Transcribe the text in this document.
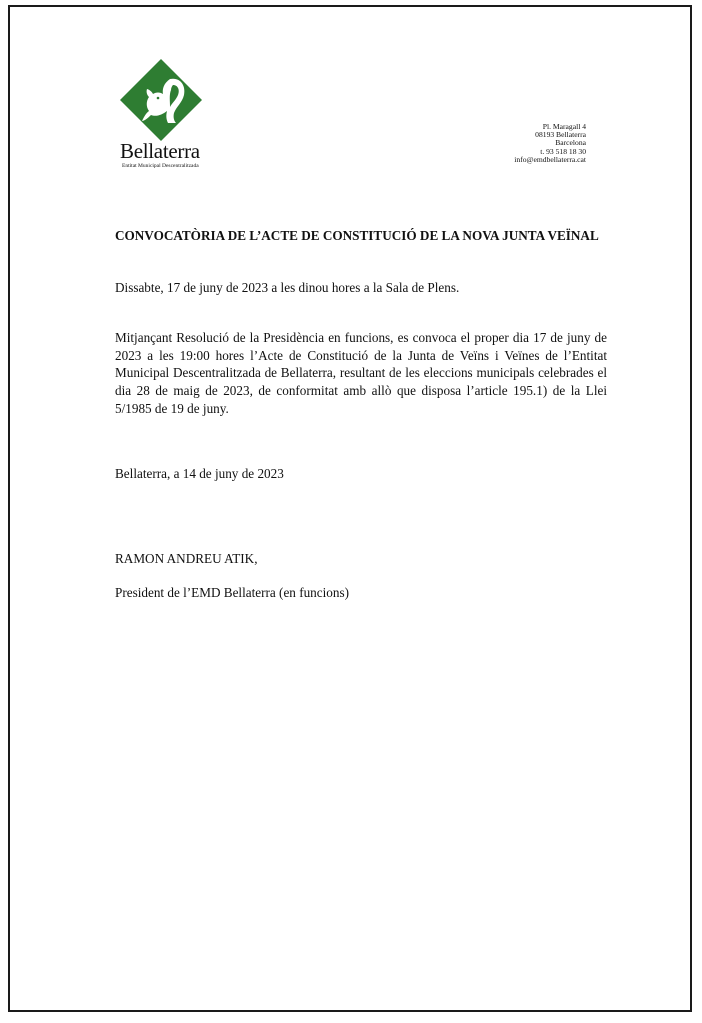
Bellaterra
Entitat Municipal Descentralitzada
Pl. Maragall 4
08193 Bellaterra
Barcelona
t. 93 518 18 30
info@emdbellaterra.cat
CONVOCATÒRIA DE L’ACTE DE CONSTITUCIÓ DE LA NOVA JUNTA VEÏNAL
Dissabte, 17 de juny de 2023 a les dinou hores a la Sala de Plens.
Mitjançant Resolució de la Presidència en funcions, es convoca el proper dia 17 de juny de 2023 a les 19:00 hores l’Acte de Constitució de la Junta de Veïns i Veïnes de l’Entitat Municipal Descentralitzada de Bellaterra, resultant de les eleccions municipals celebrades el dia 28 de maig de 2023, de conformitat amb allò que disposa l’article 195.1) de la Llei 5/1985 de 19 de juny.
Bellaterra, a 14 de juny de 2023
RAMON ANDREU ATIK,
President de l’EMD Bellaterra (en funcions)
